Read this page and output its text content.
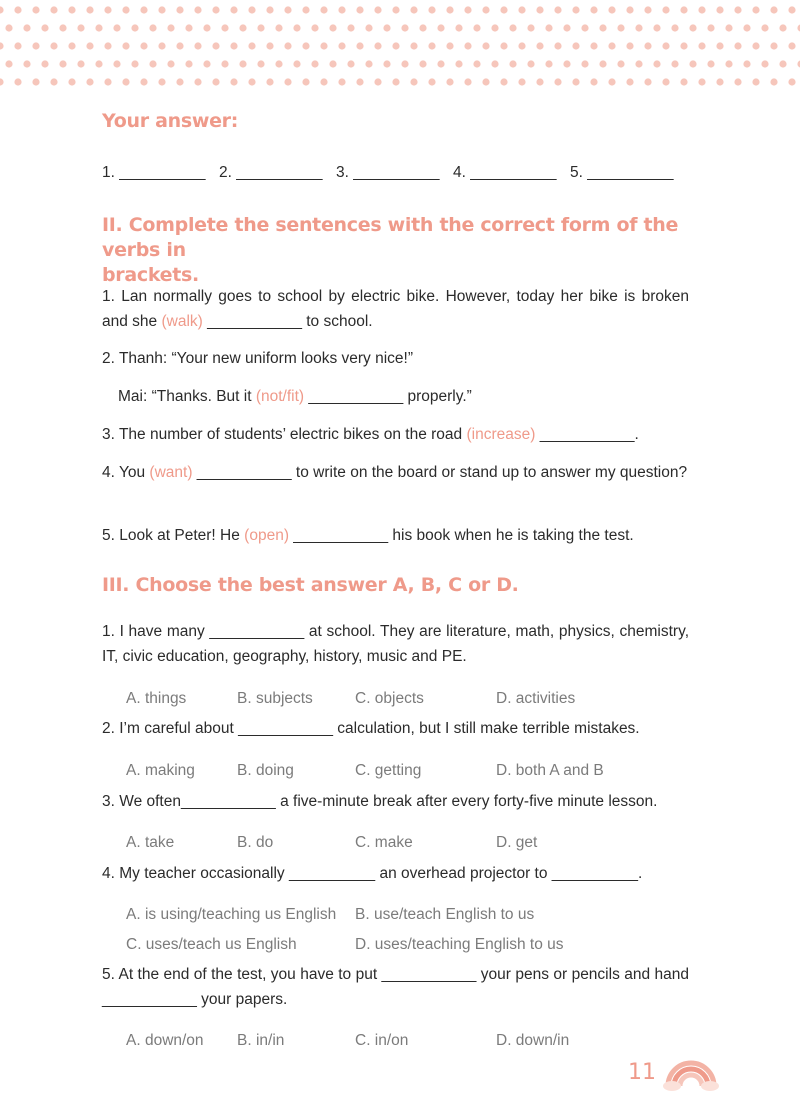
Your answer:
1. __________ 2. __________ 3. __________ 4. __________ 5. __________
II. Complete the sentences with the correct form of the verbs in
brackets.
1. Lan normally goes to school by electric bike. However, today her bike is broken and she (walk) ___________ to school.
2. Thanh: “Your new uniform looks very nice!”
Mai: “Thanks. But it (not/fit) ___________ properly.”
3. The number of students’ electric bikes on the road (increase) ___________.
4. You (want) ___________ to write on the board or stand up to answer my question?
5. Look at Peter! He (open) ___________ his book when he is taking the test.
III. Choose the best answer A, B, C or D.
1. I have many ___________ at school. They are literature, math, physics, chemistry, IT, civic education, geography, history, music and PE.
A. things	B. subjects	C. objects	D. activities
2. I’m careful about ___________ calculation, but I still make terrible mistakes.
A. making	B. doing	C. getting	D. both A and B
3. We often___________ a five-minute break after every forty-five minute lesson.
A. take	B. do	C. make	D. get
4. My teacher occasionally __________ an overhead projector to __________.
A. is using/teaching us English B. use/teach English to us
C. uses/teach us English	D. uses/teaching English to us
5. At the end of the test, you have to put ___________ your pens or pencils and hand ___________ your papers.
A. down/on B. in/in	C. in/on	D. down/in
11
